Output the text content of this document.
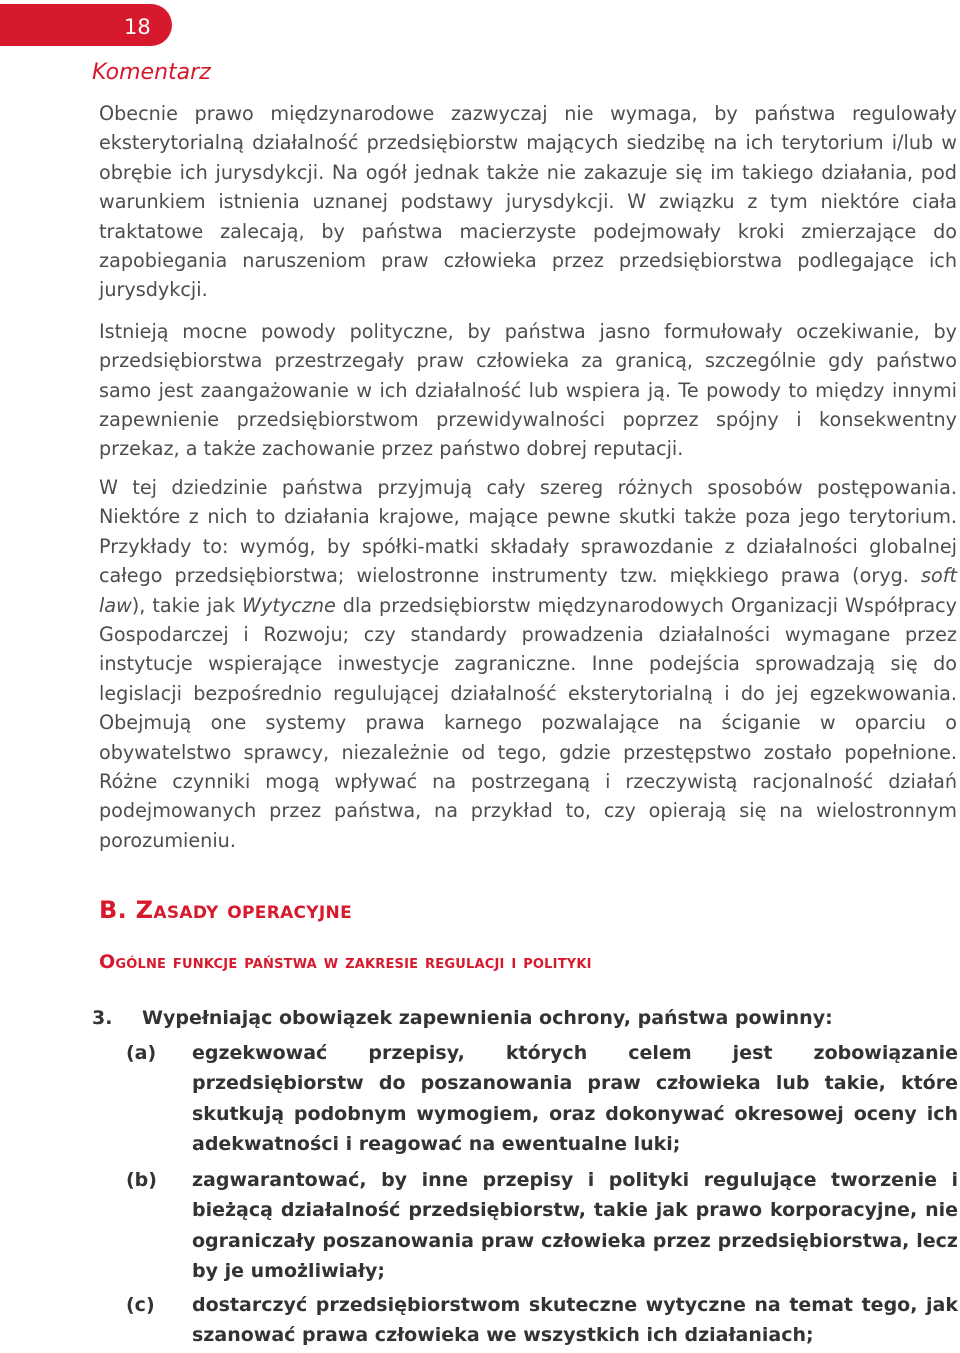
18
Komentarz

Obecnie prawo międzynarodowe zazwyczaj nie wymaga, by państwa regulowały eksterytorialną działalność przedsiębiorstw mających siedzibę na ich terytorium i/lub w obrębie ich jurysdykcji. Na ogół jednak także nie zakazuje się im takiego działania, pod warunkiem istnienia uznanej podstawy jurysdykcji. W związku z tym niektóre ciała traktatowe zalecają, by państwa macierzyste podejmowały kroki zmierzające do zapobiegania naruszeniom praw człowieka przez przedsiębiorstwa podlegające ich jurysdykcji.

Istnieją mocne powody polityczne, by państwa jasno formułowały oczekiwanie, by przedsiębiorstwa przestrzegały praw człowieka za granicą, szczególnie gdy państwo samo jest zaangażowanie w ich działalność lub wspiera ją. Te powody to między innymi zapewnienie przedsiębiorstwom przewidywalności poprzez spójny i konsekwentny przekaz, a także zachowanie przez państwo dobrej reputacji.

W tej dziedzinie państwa przyjmują cały szereg różnych sposobów postępowania. Niektóre z nich to działania krajowe, mające pewne skutki także poza jego terytorium. Przykłady to: wymóg, by spółki-matki składały sprawozdanie z działalności globalnej całego przedsiębiorstwa; wielostronne instrumenty tzw. miękkiego prawa (oryg. soft law), takie jak Wytyczne dla przedsiębiorstw międzynarodowych Organizacji Współpracy Gospodarczej i Rozwoju; czy standardy prowadzenia działalności wymagane przez instytucje wspierające inwestycje zagraniczne. Inne podejścia sprowadzają się do legislacji bezpośrednio regulującej działalność eksterytorialną i do jej egzekwowania. Obejmują one systemy prawa karnego pozwalające na ściganie w oparciu o obywatelstwo sprawcy, niezależnie od tego, gdzie przestępstwo zostało popełnione. Różne czynniki mogą wpływać na postrzeganą i rzeczywistą racjonalność działań podejmowanych przez państwa, na przykład to, czy opierają się na wielostronnym porozumieniu.

B. Zasady operacyjne
Ogólne funkcje państwa w zakresie regulacji i polityki
3. Wypełniając obowiązek zapewnienia ochrony, państwa powinny:
(a) egzekwować przepisy, których celem jest zobowiązanie przedsiębiorstw do poszanowania praw człowieka lub takie, które skutkują podobnym wymogiem, oraz dokonywać okresowej oceny ich adekwatności i reagować na ewentualne luki;
(b) zagwarantować, by inne przepisy i polityki regulujące tworzenie i bieżącą działalność przedsiębiorstw, takie jak prawo korporacyjne, nie ograniczały poszanowania praw człowieka przez przedsiębiorstwa, lecz by je umożliwiały;
(c) dostarczyć przedsiębiorstwom skuteczne wytyczne na temat tego, jak szanować prawa człowieka we wszystkich ich działaniach;
